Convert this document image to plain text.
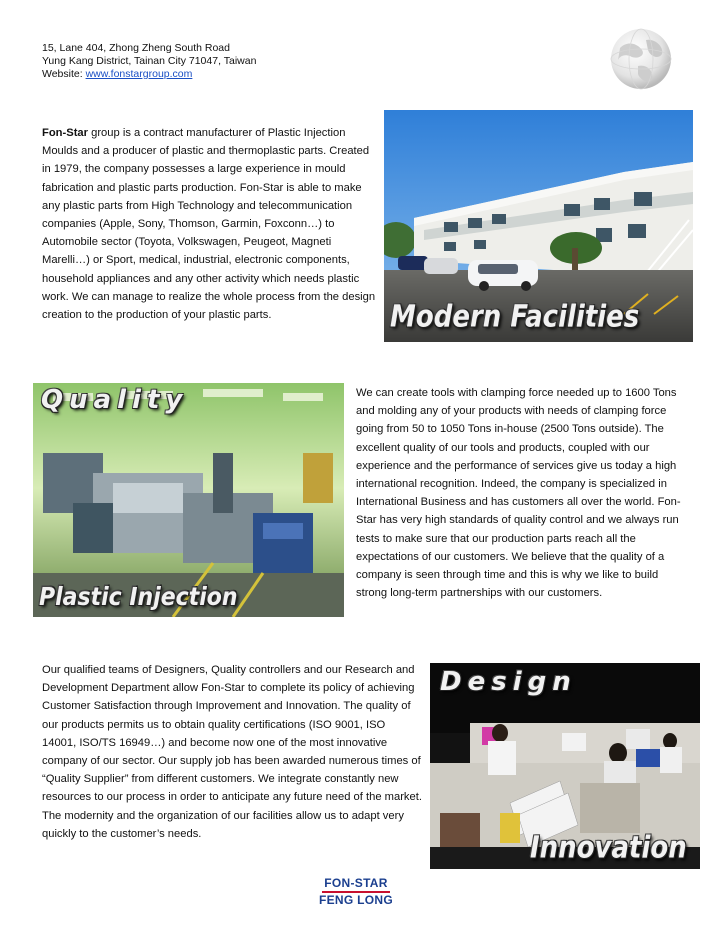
15, Lane 404, Zhong Zheng South Road
Yung Kang District, Tainan City 71047, Taiwan
Website: www.fonstargroup.com
Fon-Star group is a contract manufacturer of Plastic Injection Moulds and a producer of plastic and thermoplastic parts. Created in 1979, the company possesses a large experience in mould fabrication and plastic parts production. Fon-Star is able to make any plastic parts from High Technology and telecommunication companies (Apple, Sony, Thomson, Garmin, Foxconn…) to Automobile sector (Toyota, Volkswagen, Peugeot, Magneti Marelli…) or Sport, medical, industrial, electronic components, household appliances and any other activity which needs plastic work. We can manage to realize the whole process from the design creation to the production of your plastic parts.	Modern Facilities
Quality
Plastic Injection
We can create tools with clamping force needed up to 1600 Tons and molding any of your products with needs of clamping force going from 50 to 1050 Tons in-house (2500 Tons outside). The excellent quality of our tools and products, coupled with our experience and the performance of services give us today a high international recognition. Indeed, the company is specialized in International Business and has customers all over the world. Fon-Star has very high standards of quality control and we always run tests to make sure that our production parts reach all the expectations of our customers. We believe that the quality of a company is seen through time and this is why we like to build strong long-term partnerships with our customers.
Our qualified teams of Designers, Quality controllers and our Research and Development Department allow Fon-Star to complete its policy of achieving Customer Satisfaction through Improvement and Innovation. The quality of our products permits us to obtain quality certifications (ISO 9001, ISO 14001, ISO/TS 16949…) and become now one of the most innovative company of our sector. Our supply job has been awarded numerous times of “Quality Supplier” from different customers. We integrate constantly new resources to our process in order to anticipate any future need of the market. The modernity and the organization of our facilities allow us to adapt very quickly to the customer’s needs.
Design
Innovation
FON-STAR
FENG LONG
